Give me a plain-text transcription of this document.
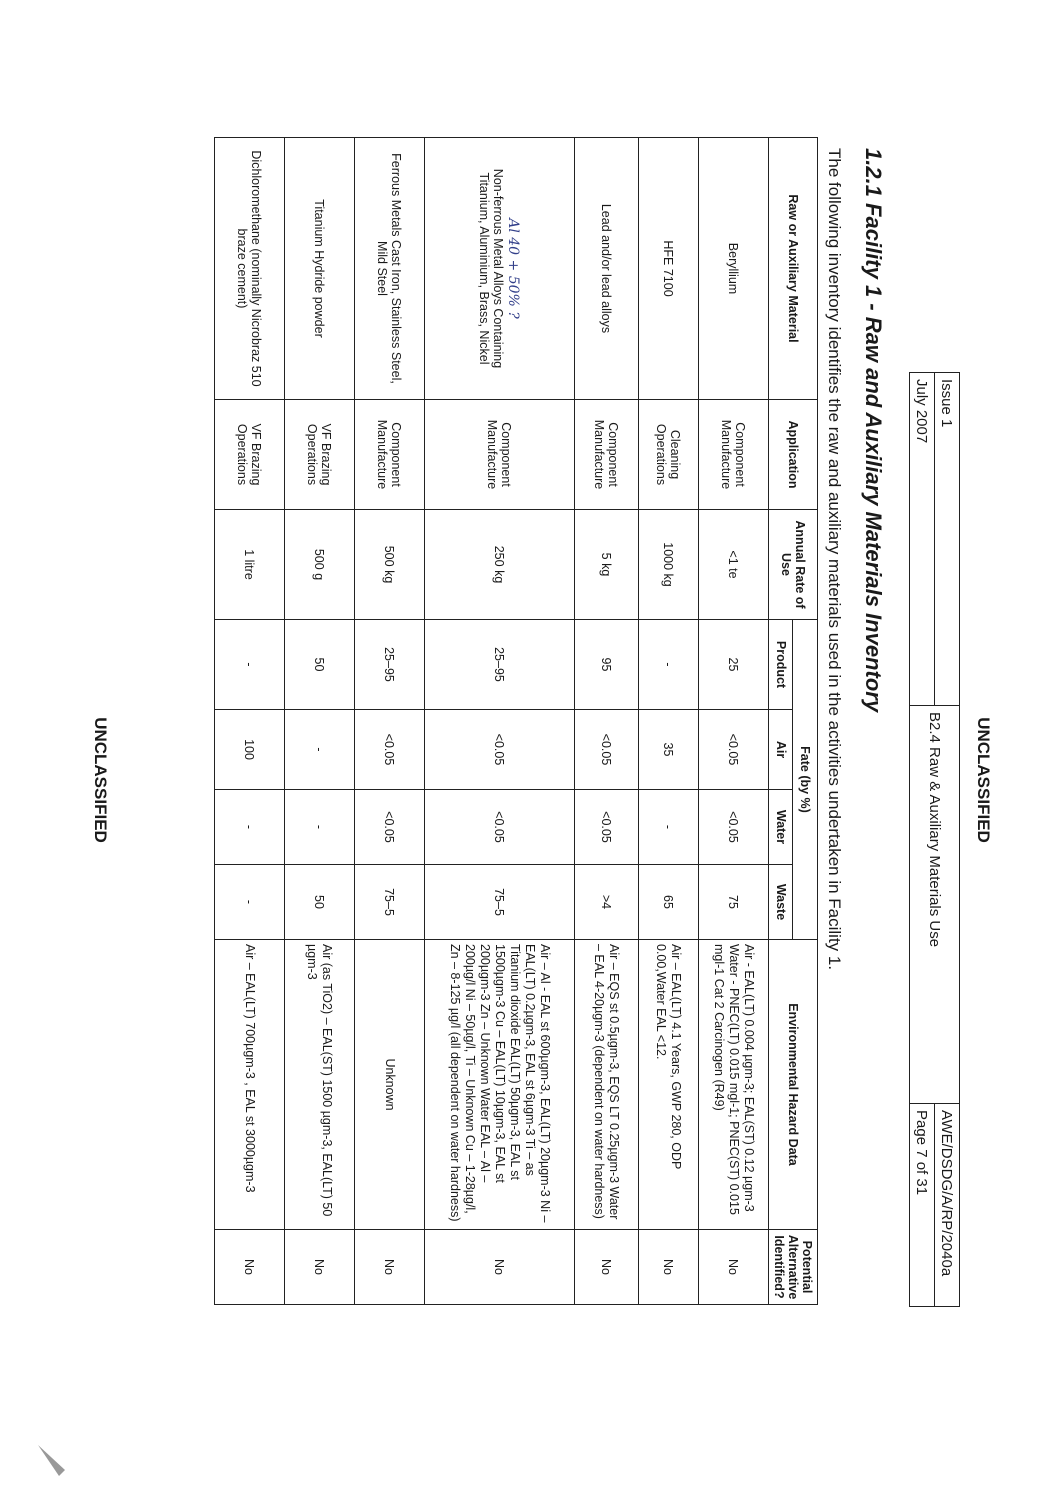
UNCLASSIFIED
Issue 1	B2.4 Raw & Auxiliary Materials Use	AWE/DSDG/A/RP/2040a
July 2007		Page 7 of 31
1.2.1 Facility 1 - Raw and Auxiliary Materials Inventory
The following inventory identifies the raw and auxiliary materials used in the activities undertaken in Facility 1.
Raw or Auxiliary Material	Application	Annual Rate of Use	Fate (by %)				Environmental Hazard Data	Potential Alternative Identified?
			Product	Air	Water	Waste		
Beryllium	Component Manufacture	<1 te	25	<0.05	<0.05	75	Air - EAL(LT) 0.004 µgm-3; EAL(ST) 0.12 µgm-3 Water - PNEC(LT) 0.015 mgl-1; PNEC(ST) 0.015 mgl-1 Cat 2 Carcinogen (R49)	No
HFE 7100	Cleaning Operations	1000 kg	-	35	-	65	Air – EAL(LT) 4.1 Years, GWP 280, ODP 0.00,Water EAL <12.	No
Lead and/or lead alloys	Component Manufacture	5 kg	95	<0.05	<0.05	>4	Air – EQS st 0.5µgm-3, EQS LT 0.25µgm-3 Water – EAL 4-20µgm-3 (dependent on water hardness)	No

Al 40 + 50% ?
Non-ferrous Metal Alloys Containing Titanium, Aluminium, Brass, Nickel	Component Manufacture	250 kg	25–95	<0.05	<0.05	75–5	Air – Al - EAL st 600µgm-3, EAL(LT) 20µgm-3 Ni – EAL(LT) 0.2µgm-3, EAL st 6µgm-3 Ti – as Titanium dioxide EAL(LT) 50µgm-3, EAL st 1500µgm-3 Cu – EAL(LT) 10µgm-3, EAL st 200µgm-3 Zn – Unknown Water EAL – Al – 200µg/l Ni – 50µg/l, Ti – Unknown Cu – 1-28µg/l, Zn – 8-125 µg/l (all dependent on water hardness)	No
Ferrous Metals Cast Iron, Stainless Steel, Mild Steel	Component Manufacture	500 kg	25–95	<0.05	<0.05	75–5	Unknown	No
Titanium Hydride powder	VF Brazing Operations	500 g	50	-	-	50	Air (as TiO2) – EAL(ST) 1500 µgm-3, EAL(LT) 50 µgm-3	No
Dichloromethane (nominally Nicrobraz 510 braze cement)	VF Brazing Operations	1 litre	-	100	-	-	Air – EAL(LT) 700µgm-3 , EAL st 3000µgm-3	No
UNCLASSIFIED
